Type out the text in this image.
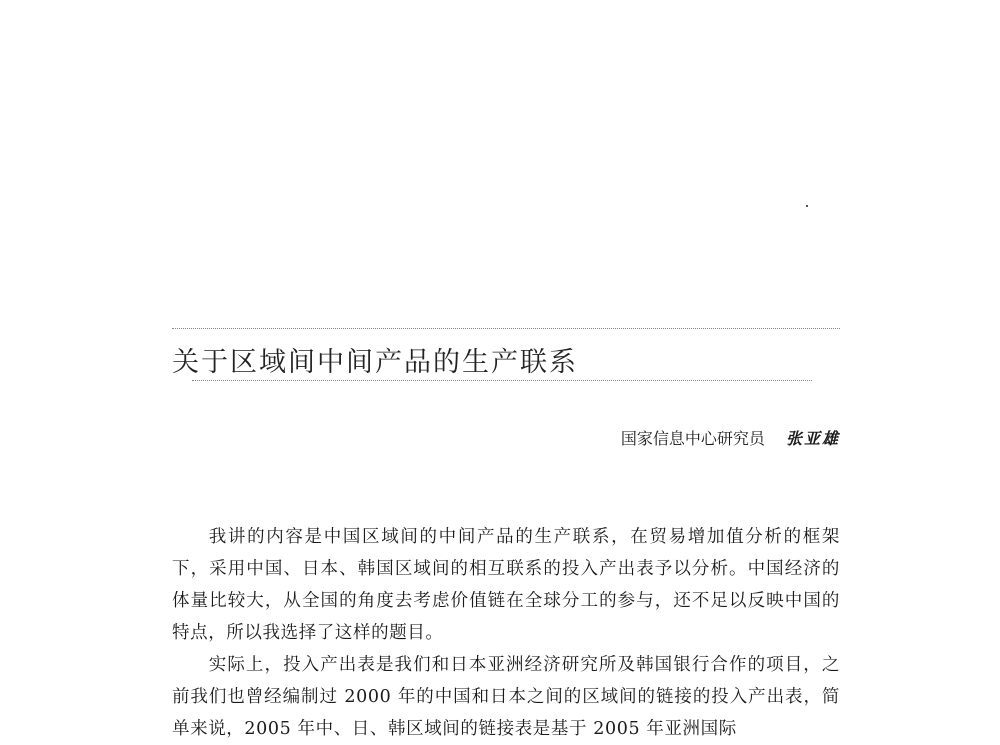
关于区域间中间产品的生产联系
国家信息中心研究员 张亚雄

我讲的内容是中国区域间的中间产品的生产联系，在贸易增加值分析的框架下，采用中国、日本、韩国区域间的相互联系的投入产出表予以分析。中国经济的体量比较大，从全国的角度去考虑价值链在全球分工的参与，还不足以反映中国的特点，所以我选择了这样的题目。

实际上，投入产出表是我们和日本亚洲经济研究所及韩国银行合作的项目，之前我们也曾经编制过 2000 年的中国和日本之间的区域间的链接的投入产出表，简单来说，2005 年中、日、韩区域间的链接表是基于 2005 年亚洲国际
